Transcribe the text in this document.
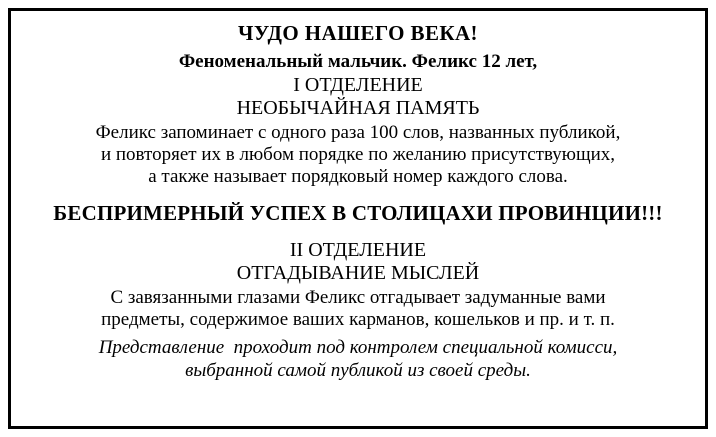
ЧУДО НАШЕГО ВЕКА!
Феноменальный мальчик. Феликс 12 лет,
I ОТДЕЛЕНИЕ
НЕОБЫЧАЙНАЯ ПАМЯТЬ
Феликс запоминает с одного раза 100 слов, названных публикой,
и повторяет их в любом порядке по желанию присутствующих,
а также называет порядковый номер каждого слова.
БЕСПРИМЕРНЫЙ УСПЕХ В СТОЛИЦАХИ ПРОВИНЦИИ!!!
II ОТДЕЛЕНИЕ
ОТГАДЫВАНИЕ МЫСЛЕЙ
С завязанными глазами Феликс отгадывает задуманные вами
предметы, содержимое ваших карманов, кошельков и пр. и т. п.
Представление  проходит под контролем специальной комисси,
выбранной самой публикой из своей среды.
